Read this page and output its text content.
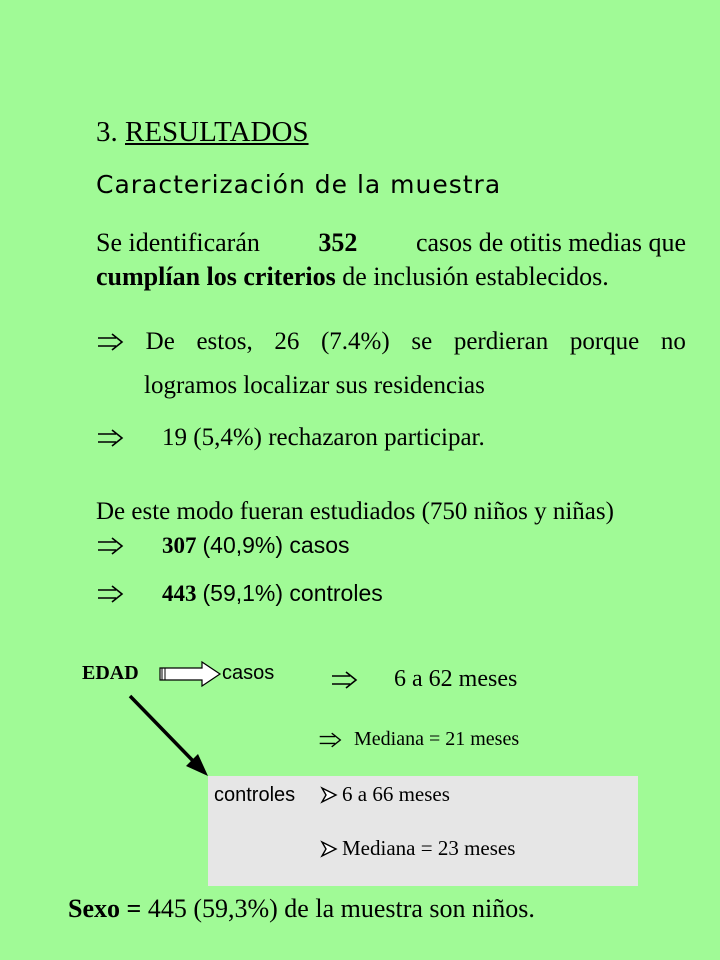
3. RESULTADOS
Caracterización de la muestra
Se identificarán 352 casos de otitis medias que
cumplían los criterios de inclusión establecidos.
De estos, 26 (7.4%) se perdieran porque no
logramos localizar sus residencias
19 (5,4%) rechazaron participar.
De este modo fueran estudiados (750 niños y niñas)
307 (40,9%) casos
443 (59,1%) controles
EDAD	casos	6 a 62 meses
Mediana = 21 meses
controles 6 a 66 meses
Mediana = 23 meses
Sexo = 445 (59,3%) de la muestra son niños.
